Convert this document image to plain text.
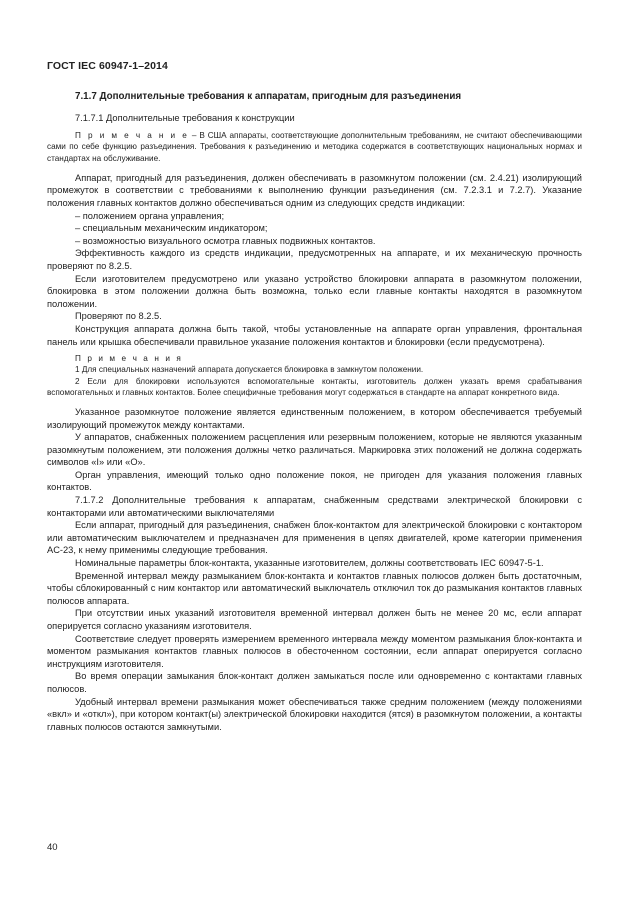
ГОСТ IEC 60947-1–2014

7.1.7 Дополнительные требования к аппаратам, пригодным для разъединения

7.1.7.1 Дополнительные требования к конструкции

П р и м е ч а н и е – В США аппараты, соответствующие дополнительным требованиям, не считают обеспечивающими сами по себе функцию разъединения. Требования к разъединению и методика содержатся в соответствующих национальных нормах и стандартах на обслуживание.

Аппарат, пригодный для разъединения, должен обеспечивать в разомкнутом положении (см. 2.4.21) изолирующий промежуток в соответствии с требованиями к выполнению функции разъединения (см. 7.2.3.1 и 7.2.7). Указание положения главных контактов должно обеспечиваться одним из следующих средств индикации:

– положением органа управления;
– специальным механическим индикатором;
– возможностью визуального осмотра главных подвижных контактов.

Эффективность каждого из средств индикации, предусмотренных на аппарате, и их механическую прочность проверяют по 8.2.5.

Если изготовителем предусмотрено или указано устройство блокировки аппарата в разомкнутом положении, блокировка в этом положении должна быть возможна, только если главные контакты находятся в разомкнутом положении.

Проверяют по 8.2.5.

Конструкция аппарата должна быть такой, чтобы установленные на аппарате орган управления, фронтальная панель или крышка обеспечивали правильное указание положения контактов и блокировки (если предусмотрена).

П р и м е ч а н и я

1 Для специальных назначений аппарата допускается блокировка в замкнутом положении.

2 Если для блокировки используются вспомогательные контакты, изготовитель должен указать время срабатывания вспомогательных и главных контактов. Более специфичные требования могут содержаться в стандарте на аппарат конкретного вида.

Указанное разомкнутое положение является единственным положением, в котором обеспечивается требуемый изолирующий промежуток между контактами.

У аппаратов, снабженных положением расцепления или резервным положением, которые не являются указанным разомкнутым положением, эти положения должны четко различаться. Маркировка этих положений не должна содержать символов «I» или «O».

Орган управления, имеющий только одно положение покоя, не пригоден для указания положения главных контактов.

7.1.7.2 Дополнительные требования к аппаратам, снабженным средствами электрической блокировки с контакторами или автоматическими выключателями

Если аппарат, пригодный для разъединения, снабжен блок-контактом для электрической блокировки с контактором или автоматическим выключателем и предназначен для применения в цепях двигателей, кроме категории применения AC-23, к нему применимы следующие требования.

Номинальные параметры блок-контакта, указанные изготовителем, должны соответствовать IEC 60947-5-1.

Временной интервал между размыканием блок-контакта и контактов главных полюсов должен быть достаточным, чтобы сблокированный с ним контактор или автоматический выключатель отключил ток до размыкания контактов главных полюсов аппарата.

При отсутствии иных указаний изготовителя временной интервал должен быть не менее 20 мс, если аппарат оперируется согласно указаниям изготовителя.

Соответствие следует проверять измерением временного интервала между моментом размыкания блок-контакта и моментом размыкания контактов главных полюсов в обесточенном состоянии, если аппарат оперируется согласно инструкциям изготовителя.

Во время операции замыкания блок-контакт должен замыкаться после или одновременно с контактами главных полюсов.

Удобный интервал времени размыкания может обеспечиваться также средним положением (между положениями «вкл» и «откл»), при котором контакт(ы) электрической блокировки находится (ятся) в разомкнутом положении, а контакты главных полюсов остаются замкнутыми.

40
